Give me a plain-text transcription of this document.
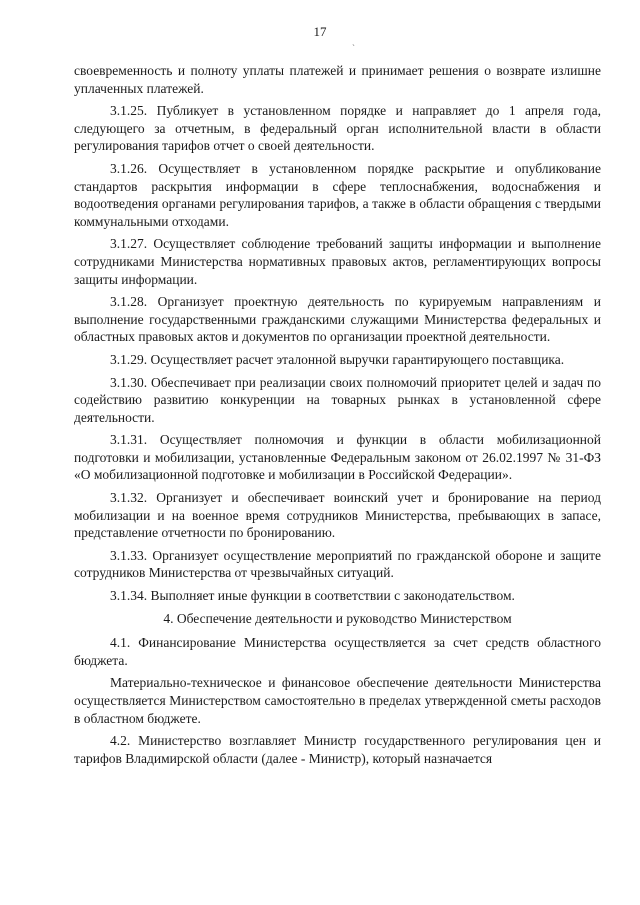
17
ˏ

своевременность и полноту уплаты платежей и принимает решения о возврате излишне уплаченных платежей.

3.1.25. Публикует в установленном порядке и направляет до 1 апреля года, следующего за отчетным, в федеральный орган исполнительной власти в области регулирования тарифов отчет о своей деятельности.

3.1.26. Осуществляет в установленном порядке раскрытие и опубликование стандартов раскрытия информации в сфере теплоснабжения, водоснабжения и водоотведения органами регулирования тарифов, а также в области обращения с твердыми коммунальными отходами.

3.1.27. Осуществляет соблюдение требований защиты информации и выполнение сотрудниками Министерства нормативных правовых актов, регламентирующих вопросы защиты информации.

3.1.28. Организует проектную деятельность по курируемым направлениям и выполнение государственными гражданскими служащими Министерства федеральных и областных правовых актов и документов по организации проектной деятельности.

3.1.29. Осуществляет расчет эталонной выручки гарантирующего поставщика.

3.1.30. Обеспечивает при реализации своих полномочий приоритет целей и задач по содействию развитию конкуренции на товарных рынках в установленной сфере деятельности.

3.1.31. Осуществляет полномочия и функции в области мобилизационной подготовки и мобилизации, установленные Федеральным законом от 26.02.1997 № 31-ФЗ «О мобилизационной подготовке и мобилизации в Российской Федерации».

3.1.32. Организует и обеспечивает воинский учет и бронирование на период мобилизации и на военное время сотрудников Министерства, пребывающих в запасе, представление отчетности по бронированию.

3.1.33. Организует осуществление мероприятий по гражданской обороне и защите сотрудников Министерства от чрезвычайных ситуаций.

3.1.34. Выполняет иные функции в соответствии с законодательством.

4. Обеспечение деятельности и руководство Министерством

4.1. Финансирование Министерства осуществляется за счет средств областного бюджета.

Материально-техническое и финансовое обеспечение деятельности Министерства осуществляется Министерством самостоятельно в пределах утвержденной сметы расходов в областном бюджете.

4.2. Министерство возглавляет Министр государственного регулирования цен и тарифов Владимирской области (далее - Министр), который назначается
